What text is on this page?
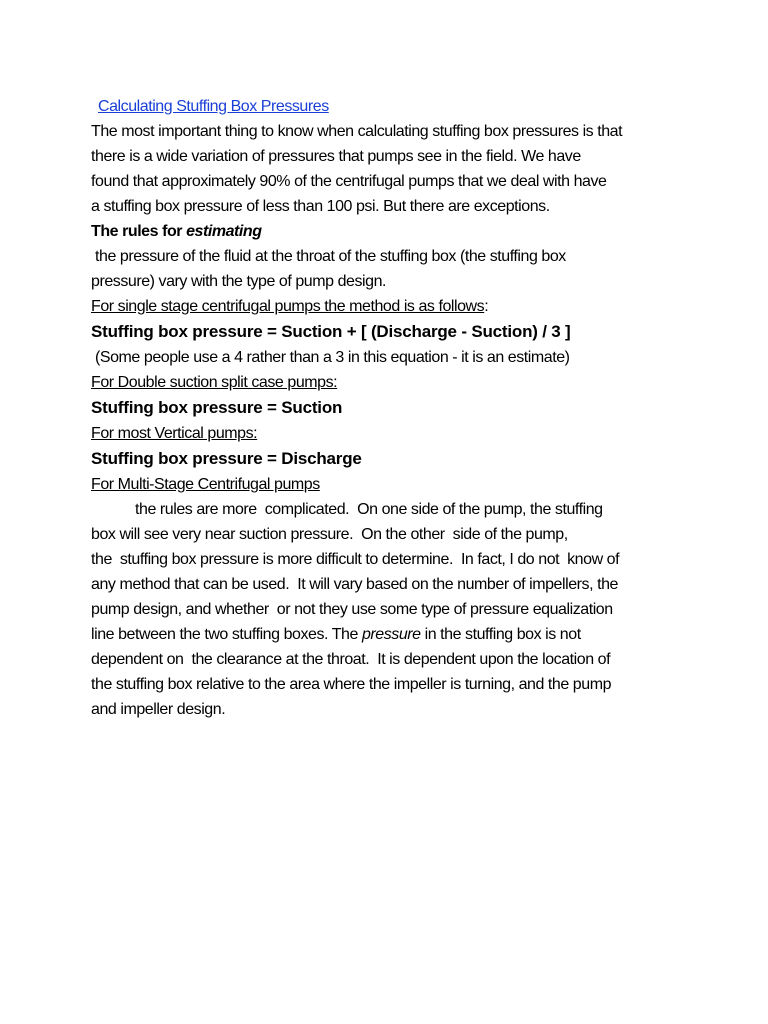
Calculating Stuffing Box Pressures
The most important thing to know when calculating stuffing box pressures is that
there is a wide variation of pressures that pumps see in the field. We have
found that approximately 90% of the centrifugal pumps that we deal with have
a stuffing box pressure of less than 100 psi. But there are exceptions.
The rules for estimating
the pressure of the fluid at the throat of the stuffing box (the stuffing box
pressure) vary with the type of pump design.
For single stage centrifugal pumps the method is as follows:
Stuffing box pressure = Suction + [ (Discharge - Suction) / 3 ]
(Some people use a 4 rather than a 3 in this equation - it is an estimate)
For Double suction split case pumps:
Stuffing box pressure = Suction
For most Vertical pumps:
Stuffing box pressure = Discharge
For Multi-Stage Centrifugal pumps
the rules are more  complicated.  On one side of the pump, the stuffing
box will see very near suction pressure.  On the other  side of the pump,
the  stuffing box pressure is more difficult to determine.  In fact, I do not  know of
any method that can be used.  It will vary based on the number of impellers, the
pump design, and whether  or not they use some type of pressure equalization
line between the two stuffing boxes. The pressure in the stuffing box is not
dependent on  the clearance at the throat.  It is dependent upon the location of
the stuffing box relative to the area where the impeller is turning, and the pump
and impeller design.
